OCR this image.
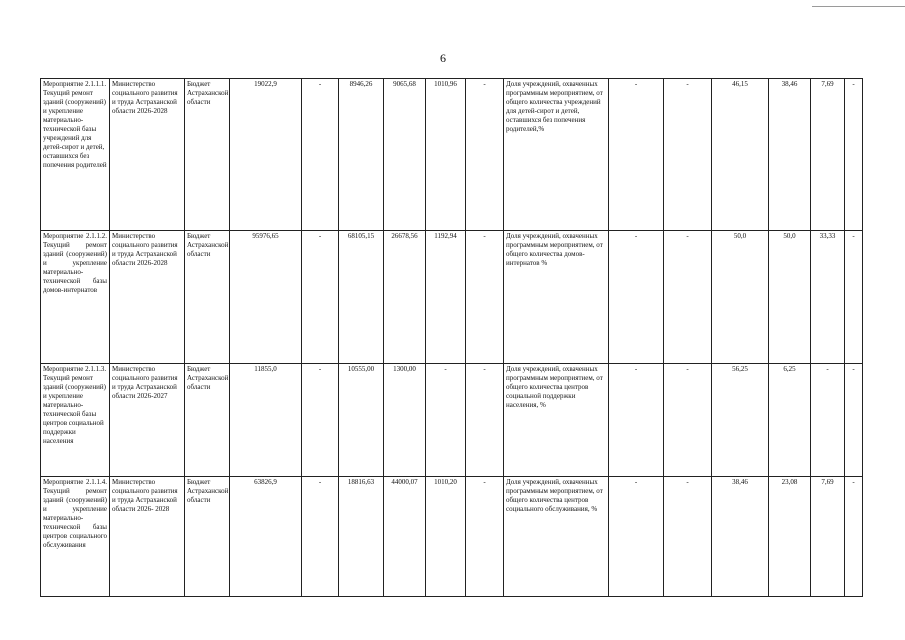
6
Мероприятие 2.1.1.1. Текущий ремонт зданий (сооружений) и укрепление материально-технической базы учреждений для детей-сирот и детей, оставшихся без попечения родителей	Министерство социального развития и труда Астраханской области 2026-2028	Бюджет Астраханской области	19022,9	-	8946,26	9065,68	1010,96	-	Доля учреждений, охваченных программным мероприятием, от общего количества учреждений для детей-сирот и детей, оставшихся без попечения родителей,%	-	-	46,15	38,46	7,69	-
Мероприятие 2.1.1.2. Текущий ремонт зданий (сооружений) и укрепление материально-технической базы домов-интернатов	Министерство социального развития и труда Астраханской области 2026-2028	Бюджет Астраханской области	95976,65	-	68105,15	26678,56	1192,94	-	Доля учреждений, охваченных программным мероприятием, от общего количества домов-интернатов %	-	-	50,0	50,0	33,33	-
Мероприятие 2.1.1.3. Текущий ремонт зданий (сооружений) и укрепление материально-технической базы центров социальной поддержки населения	Министерство социального развития и труда Астраханской области 2026-2027	Бюджет Астраханской области	11855,0	-	10555,00	1300,00	-	-	Доля учреждений, охваченных программным мероприятием, от общего количества центров социальной поддержки населения, %	-	-	56,25	6,25	-	-
Мероприятие 2.1.1.4. Текущий ремонт зданий (сооружений) и укрепление материально-технической базы центров социального обслуживания	Министерство социального развития и труда Астраханской области 2026- 2028	Бюджет Астраханской области	63826,9	-	18816,63	44000,07	1010,20	-	Доля учреждений, охваченных программным мероприятием, от общего количества центров социального обслуживания, %	-	-	38,46	23,08	7,69	-
